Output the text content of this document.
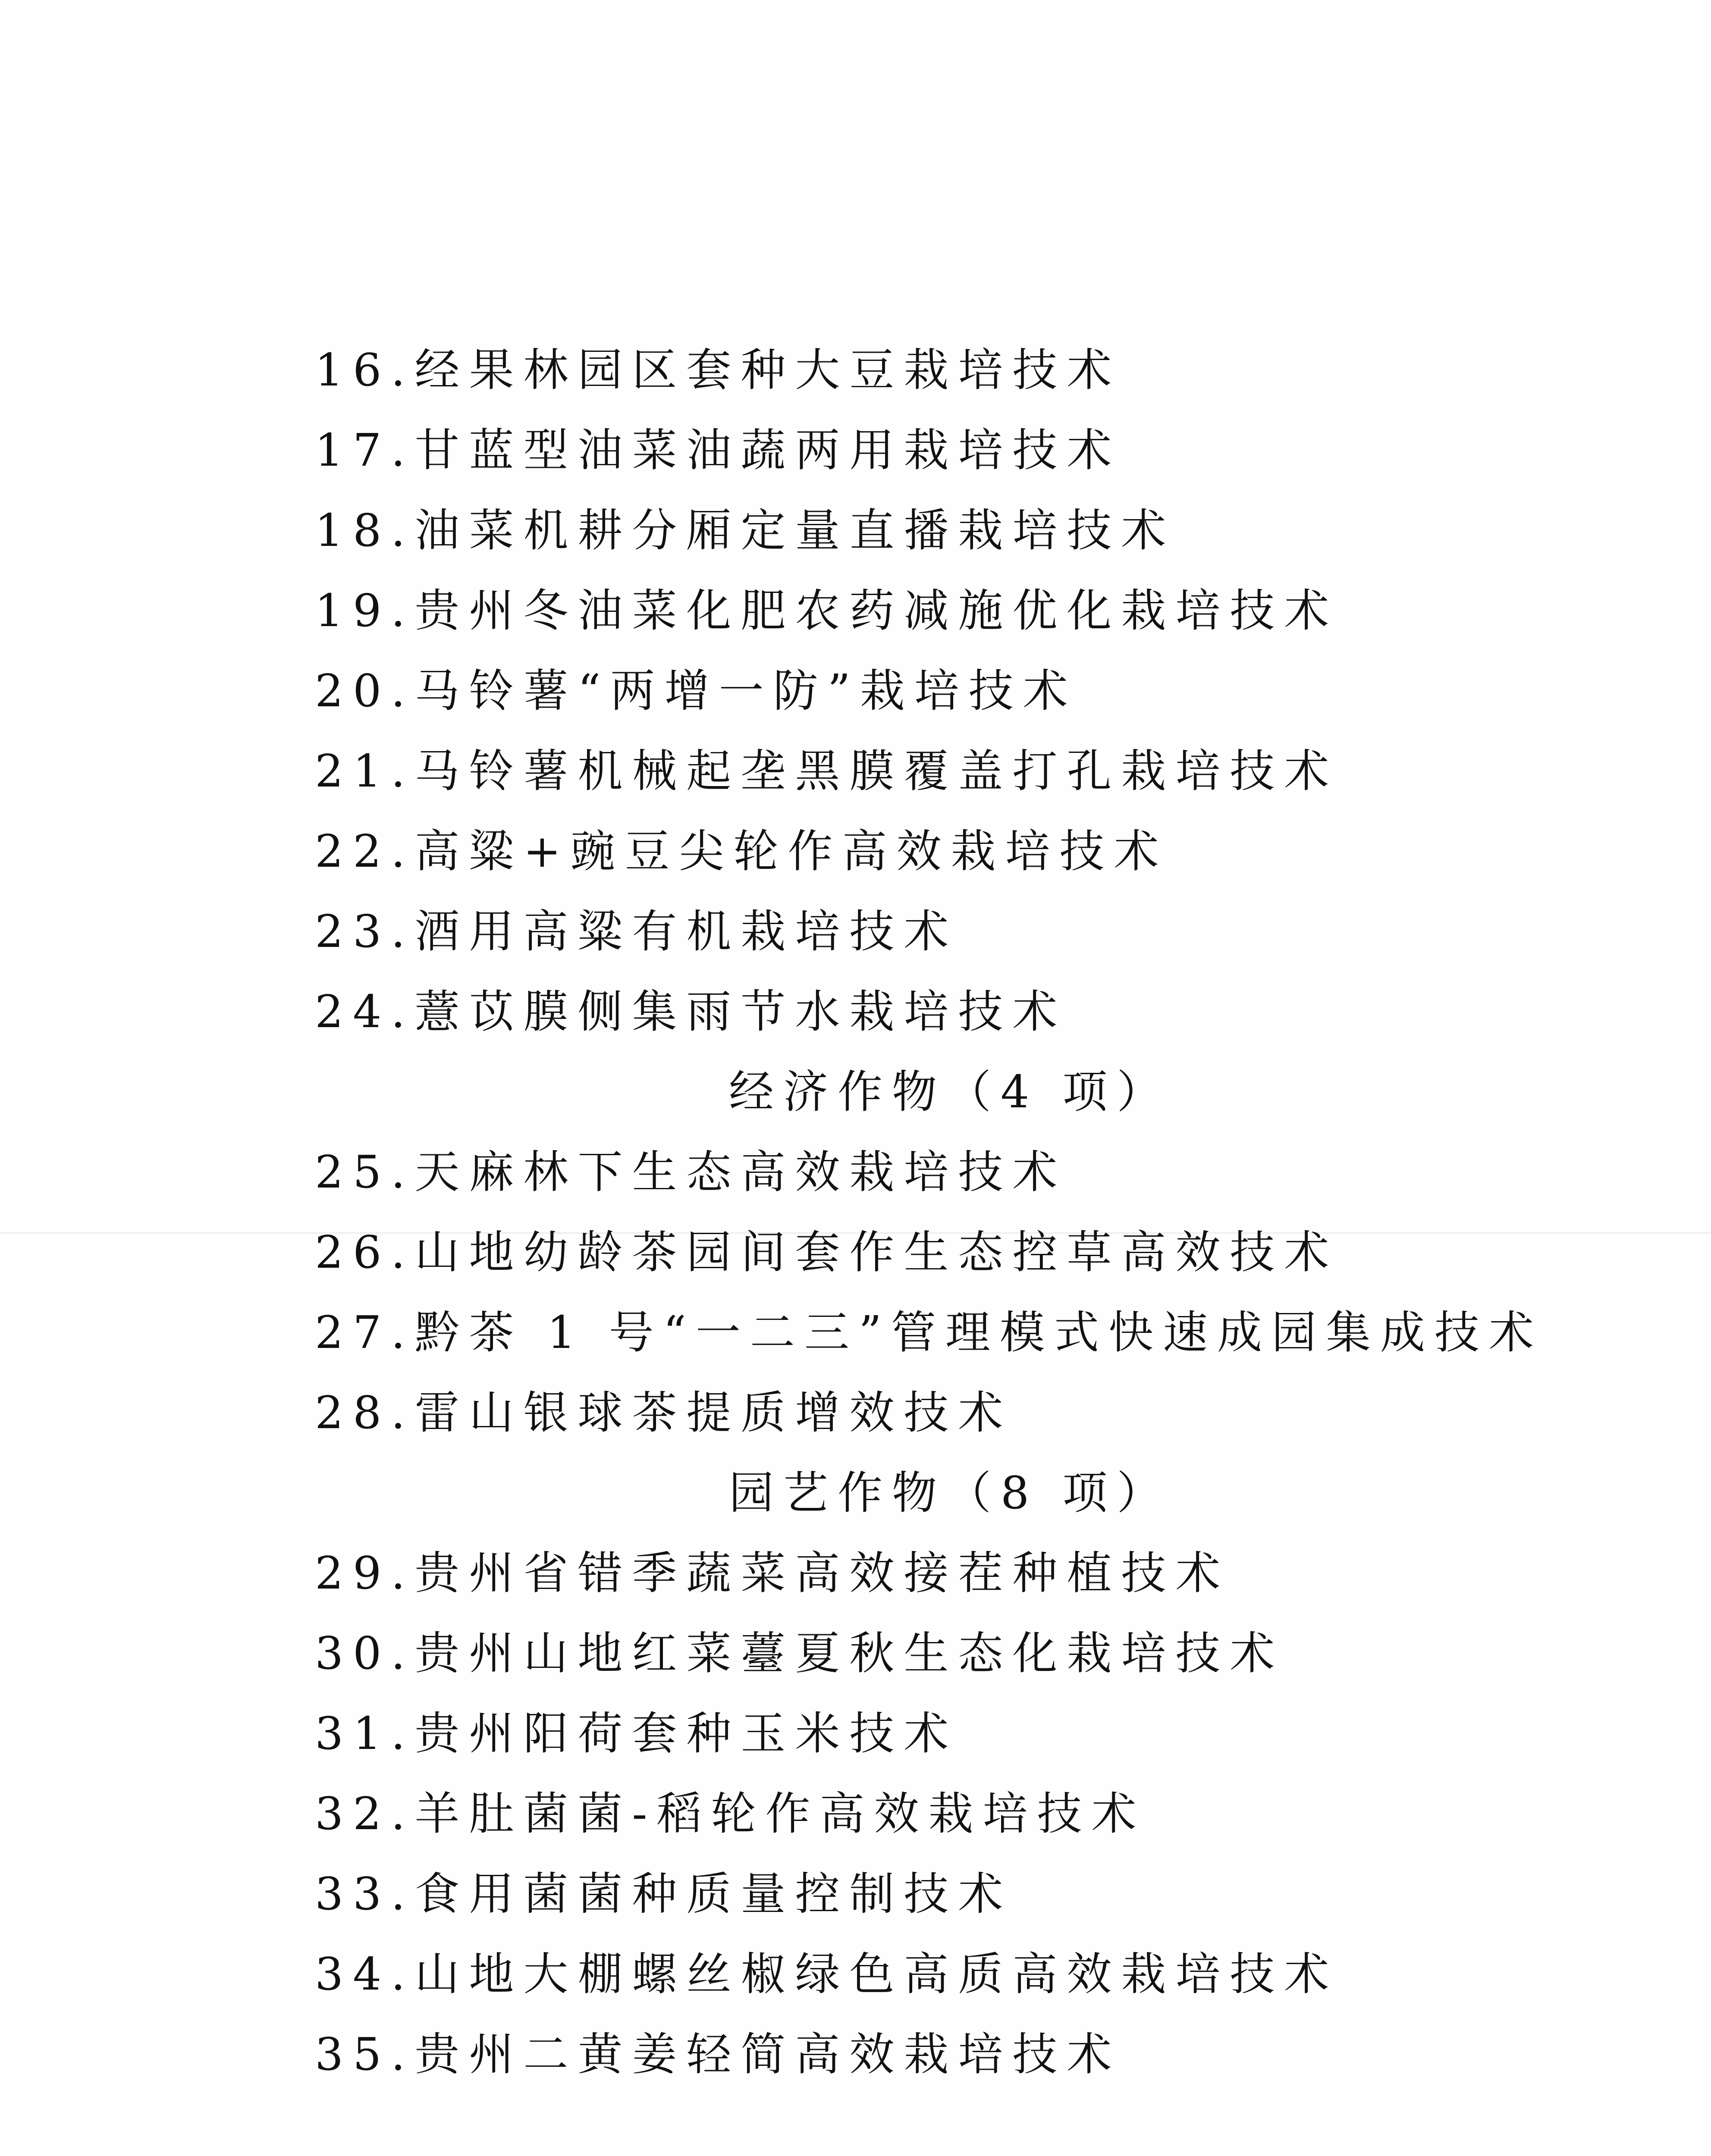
16.经果林园区套种大豆栽培技术
17.甘蓝型油菜油蔬两用栽培技术
18.油菜机耕分厢定量直播栽培技术
19.贵州冬油菜化肥农药减施优化栽培技术
20.马铃薯“两增一防”栽培技术
21.马铃薯机械起垄黑膜覆盖打孔栽培技术
22.高粱+豌豆尖轮作高效栽培技术
23.酒用高粱有机栽培技术
24.薏苡膜侧集雨节水栽培技术
经济作物（4 项）
25.天麻林下生态高效栽培技术
26.山地幼龄茶园间套作生态控草高效技术
27.黔茶 1 号“一二三”管理模式快速成园集成技术
28.雷山银球茶提质增效技术
园艺作物（8 项）
29.贵州省错季蔬菜高效接茬种植技术
30.贵州山地红菜薹夏秋生态化栽培技术
31.贵州阳荷套种玉米技术
32.羊肚菌菌-稻轮作高效栽培技术
33.食用菌菌种质量控制技术
34.山地大棚螺丝椒绿色高质高效栽培技术
35.贵州二黄姜轻简高效栽培技术
